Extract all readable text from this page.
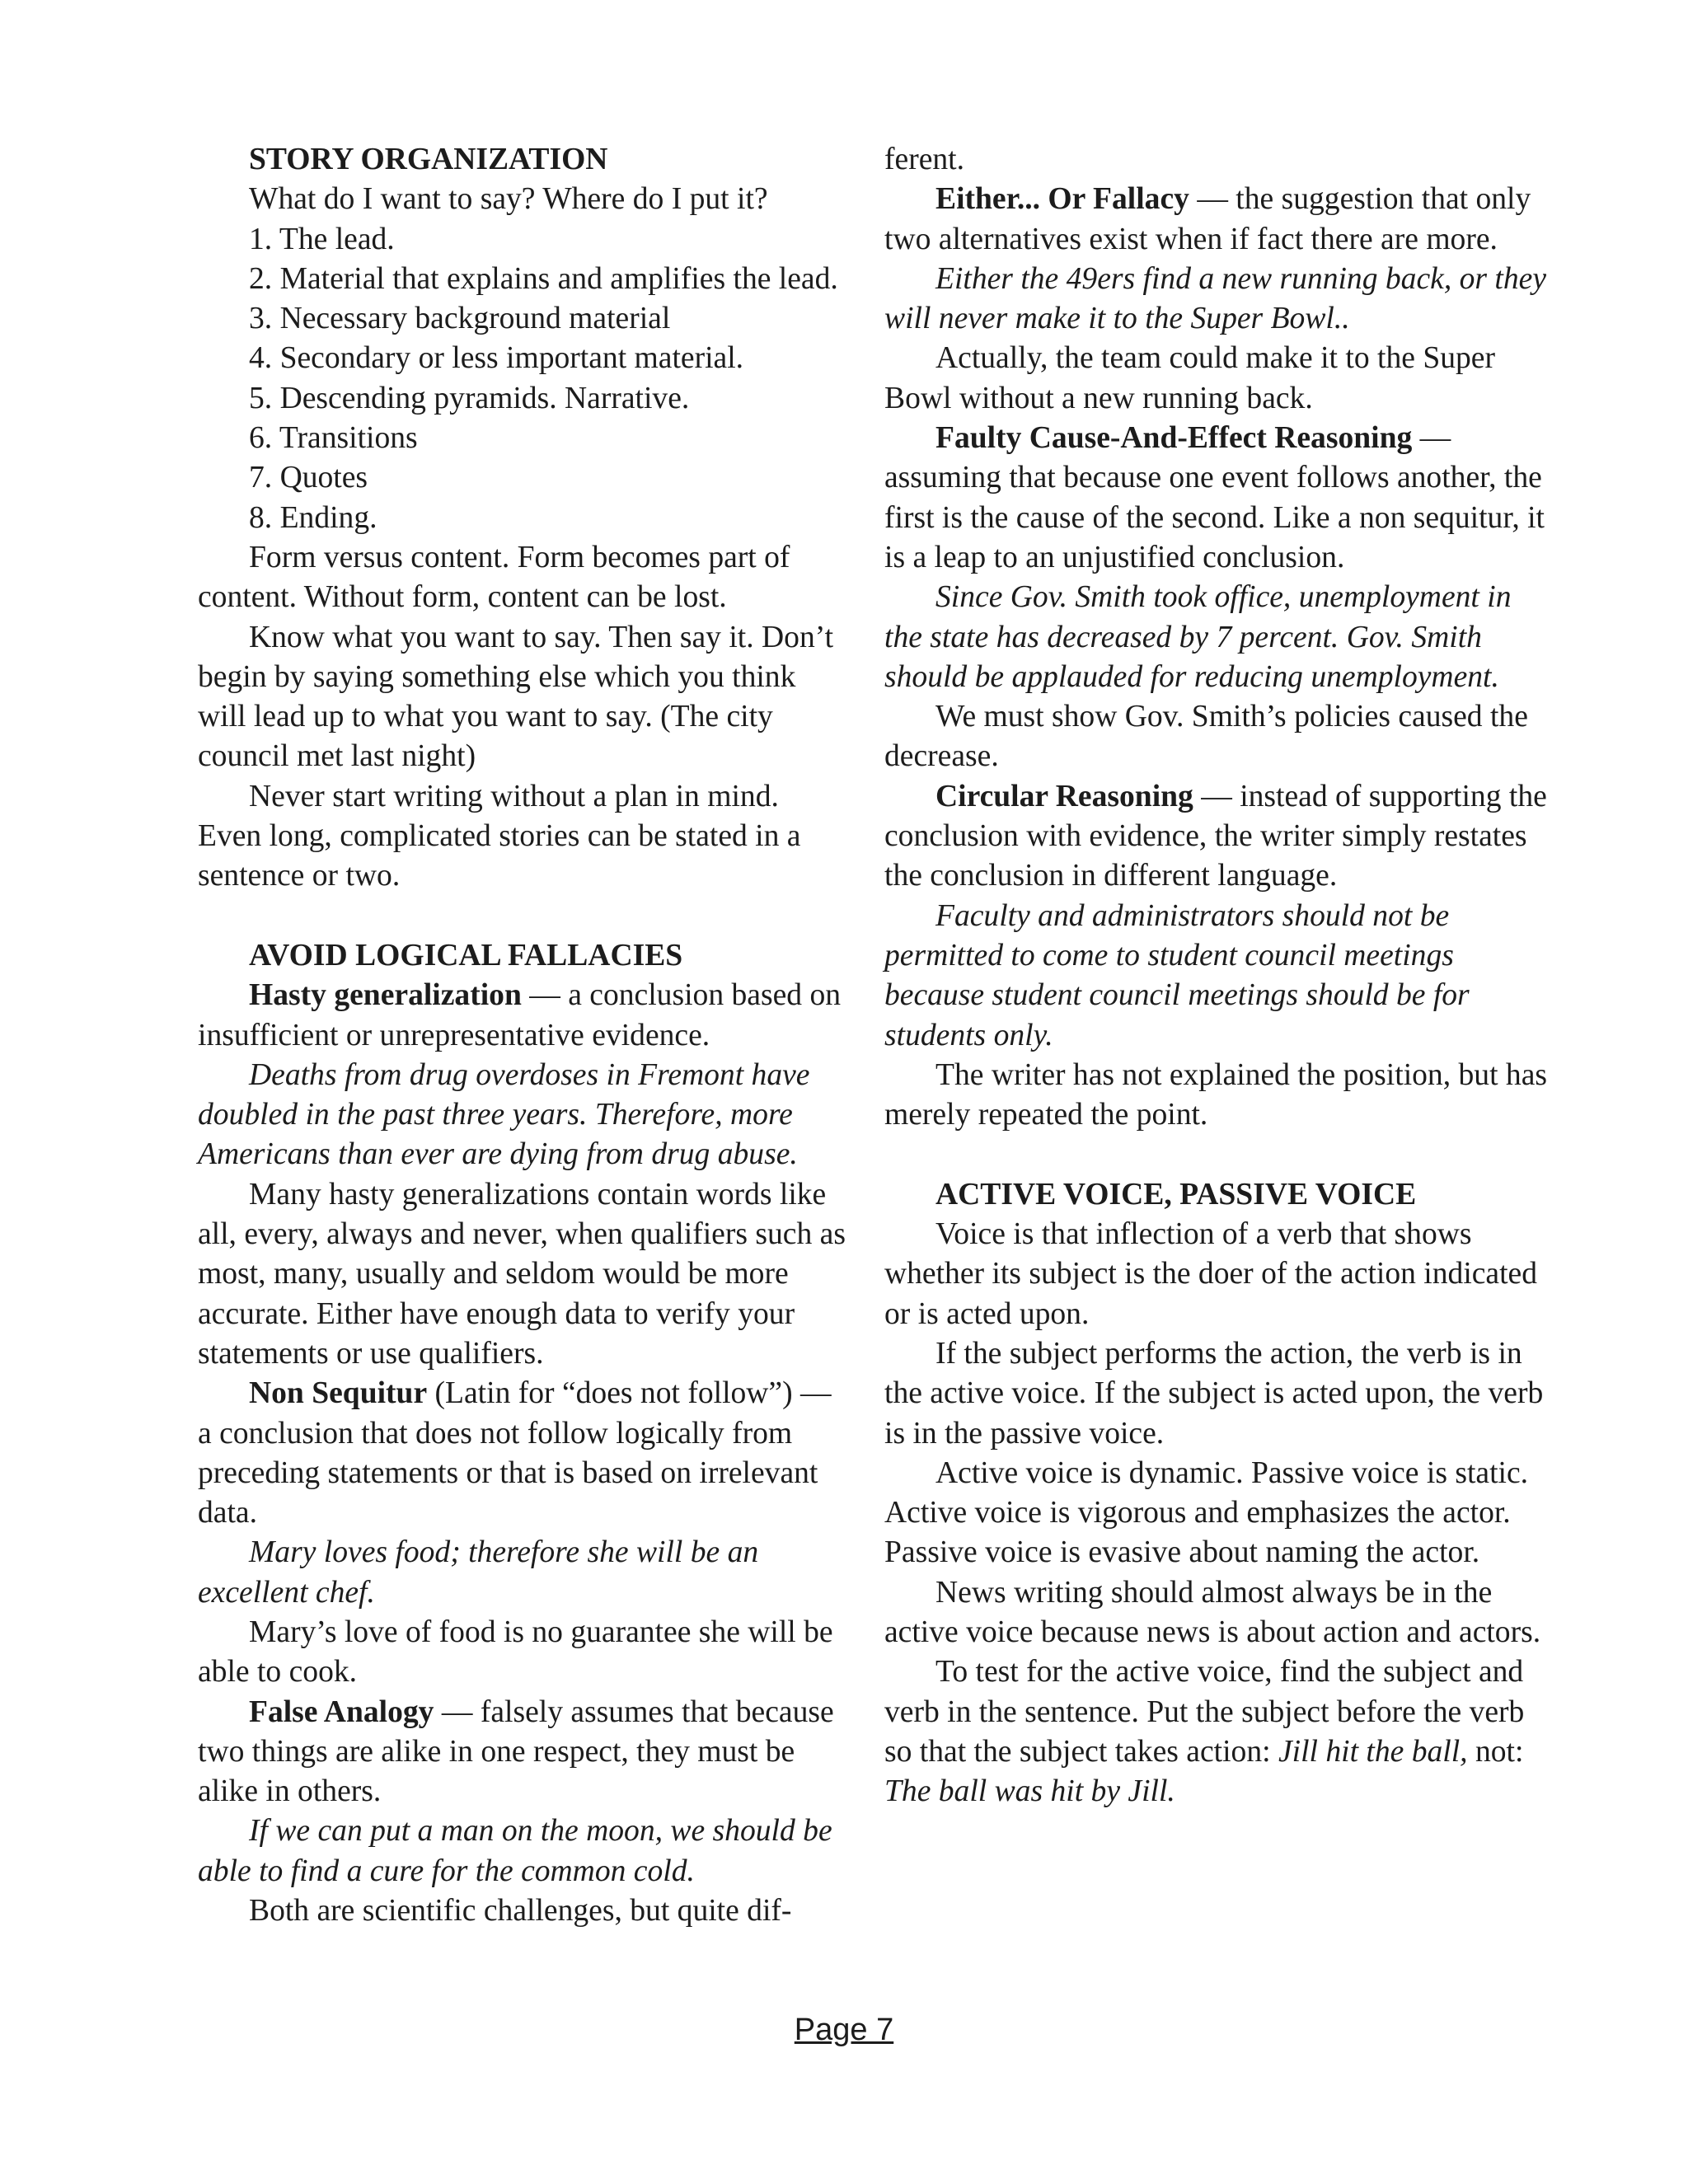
STORY ORGANIZATION

What do I want to say? Where do I put it?

1. The lead.

2. Material that explains and amplifies the lead.

3. Necessary background material

4. Secondary or less important material.

5. Descending pyramids. Narrative.

6. Transitions

7. Quotes

8. Ending.

Form versus content. Form becomes part of content. Without form, content can be lost.

Know what you want to say. Then say it. Don’t begin by saying something else which you think will lead up to what you want to say. (The city council met last night)

Never start writing without a plan in mind. Even long, complicated stories can be stated in a sentence or two.

AVOID LOGICAL FALLACIES

Hasty generalization — a conclusion based on insufficient or unrepresentative evidence.

Deaths from drug overdoses in Fremont have doubled in the past three years. Therefore, more Americans than ever are dying from drug abuse.

Many hasty generalizations contain words like all, every, always and never, when qualifiers such as most, many, usually and seldom would be more accurate. Either have enough data to verify your statements or use qualifiers.

Non Sequitur (Latin for “does not follow”) — a conclusion that does not follow logically from preceding statements or that is based on irrelevant data.

Mary loves food; therefore she will be an excellent chef.

Mary’s love of food is no guarantee she will be able to cook.

False Analogy — falsely assumes that because two things are alike in one respect, they must be alike in others.

If we can put a man on the moon, we should be able to find a cure for the common cold.

Both are scientific challenges, but quite dif-

ferent.

Either... Or Fallacy — the suggestion that only two alternatives exist when if fact there are more.

Either the 49ers find a new running back, or they will never make it to the Super Bowl..

Actually, the team could make it to the Super Bowl without a new running back.

Faulty Cause-And-Effect Reasoning — assuming that because one event follows another, the first is the cause of the second. Like a non sequitur, it is a leap to an unjustified conclusion.

Since Gov. Smith took office, unemployment in the state has decreased by 7 percent. Gov. Smith should be applauded for reducing unemployment.

We must show Gov. Smith’s policies caused the decrease.

Circular Reasoning — instead of supporting the conclusion with evidence, the writer simply restates the conclusion in different language.

Faculty and administrators should not be permitted to come to student council meetings because student council meetings should be for students only.

The writer has not explained the position, but has merely repeated the point.

ACTIVE VOICE, PASSIVE VOICE

Voice is that inflection of a verb that shows whether its subject is the doer of the action indicated or is acted upon.

If the subject performs the action, the verb is in the active voice. If the subject is acted upon, the verb is in the passive voice.

Active voice is dynamic. Passive voice is static. Active voice is vigorous and emphasizes the actor. Passive voice is evasive about naming the actor.

News writing should almost always be in the active voice because news is about action and actors.

To test for the active voice, find the subject and verb in the sentence. Put the subject before the verb so that the subject takes action: Jill hit the ball, not: The ball was hit by Jill.

Page 7
